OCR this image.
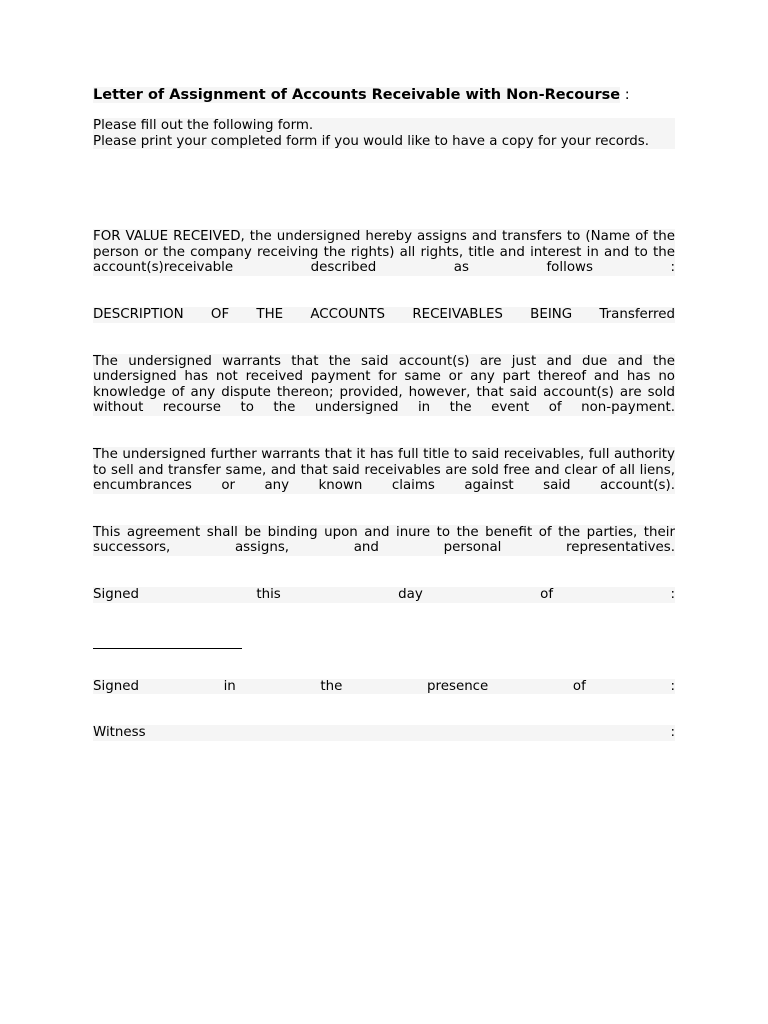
Letter of Assignment of Accounts Receivable with Non-Recourse :

Please fill out the following form.

Please print your completed form if you would like to have a copy for your records.

FOR VALUE RECEIVED, the undersigned hereby assigns and transfers to (Name of the person or the company receiving the rights) all rights, title and interest in and to the account(s)receivable described as follows :

DESCRIPTION OF THE ACCOUNTS RECEIVABLES BEING Transferred

The undersigned warrants that the said account(s) are just and due and the undersigned has not received payment for same or any part thereof and has no knowledge of any dispute thereon; provided, however, that said account(s) are sold without recourse to the undersigned in the event of non-payment.

The undersigned further warrants that it has full title to said receivables, full authority to sell and transfer same, and that said receivables are sold free and clear of all liens, encumbrances or any known claims against said account(s).

This agreement shall be binding upon and inure to the benefit of the parties, their successors, assigns, and personal representatives.

Signed	this	day	of	:
Signed	in	the	presence	of	:
Witness	:
